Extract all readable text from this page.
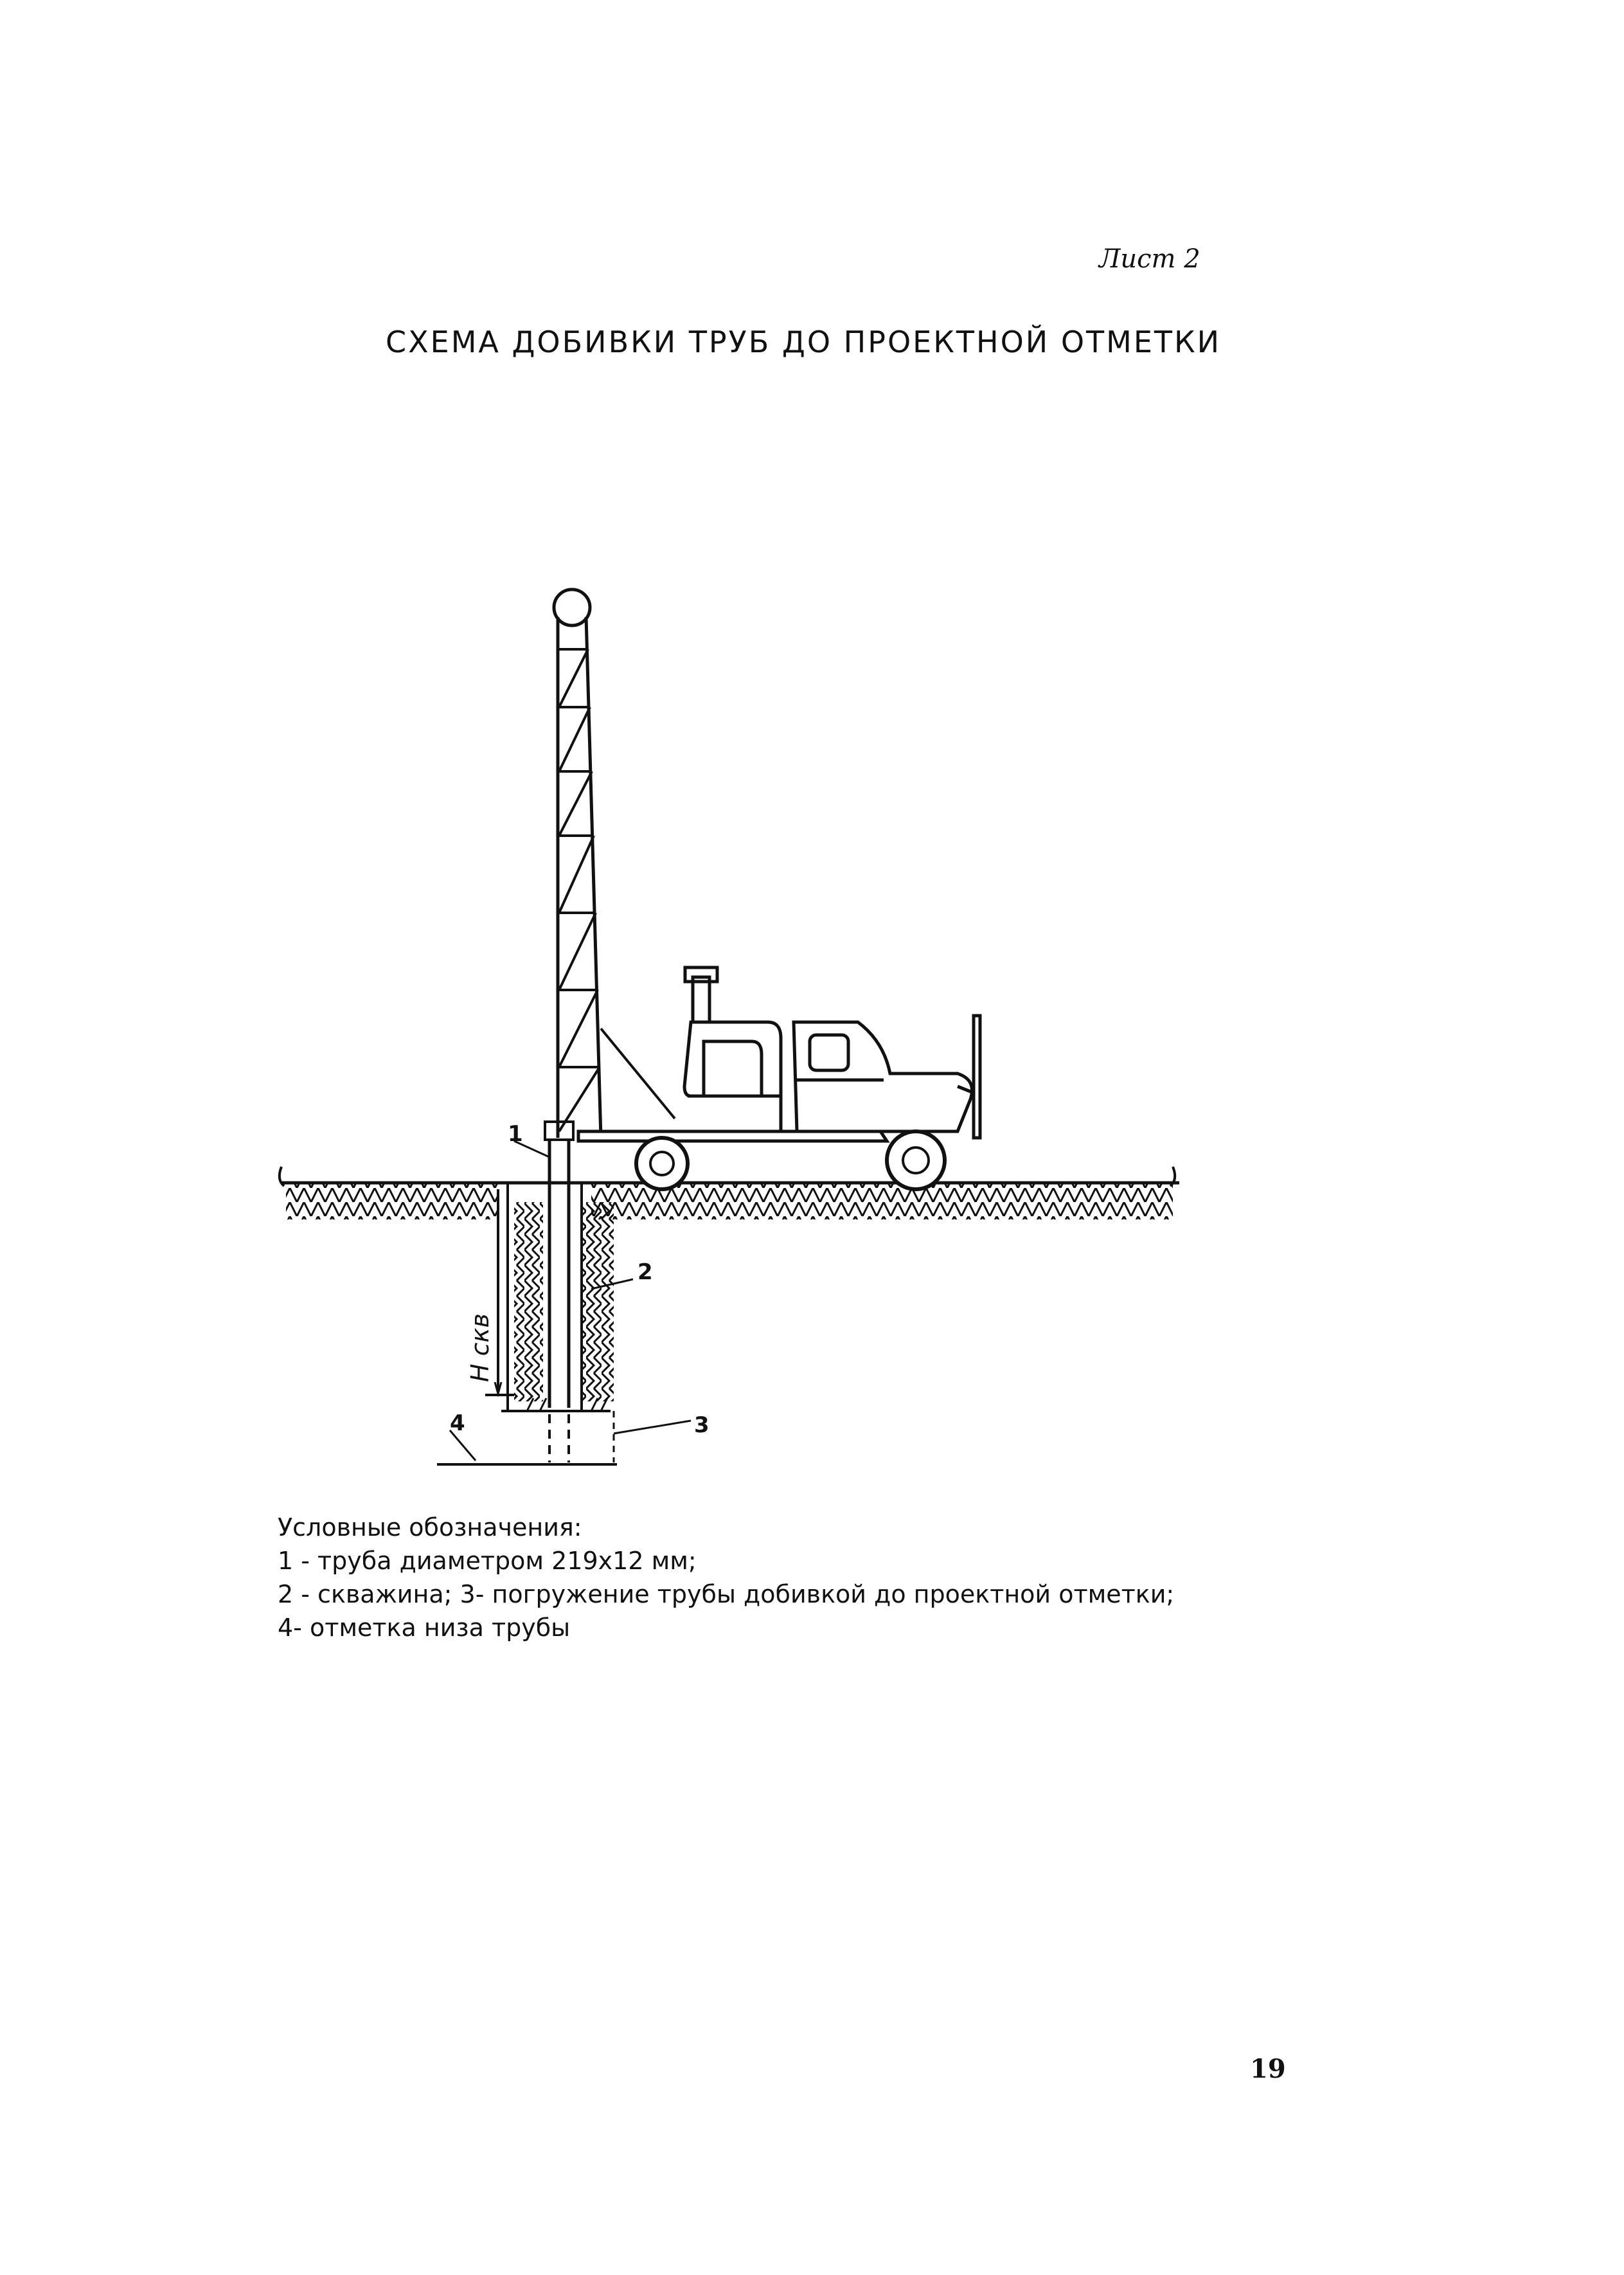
Лист 2
СХЕМА ДОБИВКИ ТРУБ ДО ПРОЕКТНОЙ ОТМЕТКИ
H скв
1
2
3
4
Условные обозначения:
1 - труба диаметром 219x12 мм;
2 - скважина; 3- погружение трубы добивкой до проектной отметки;
4- отметка низа трубы
19
